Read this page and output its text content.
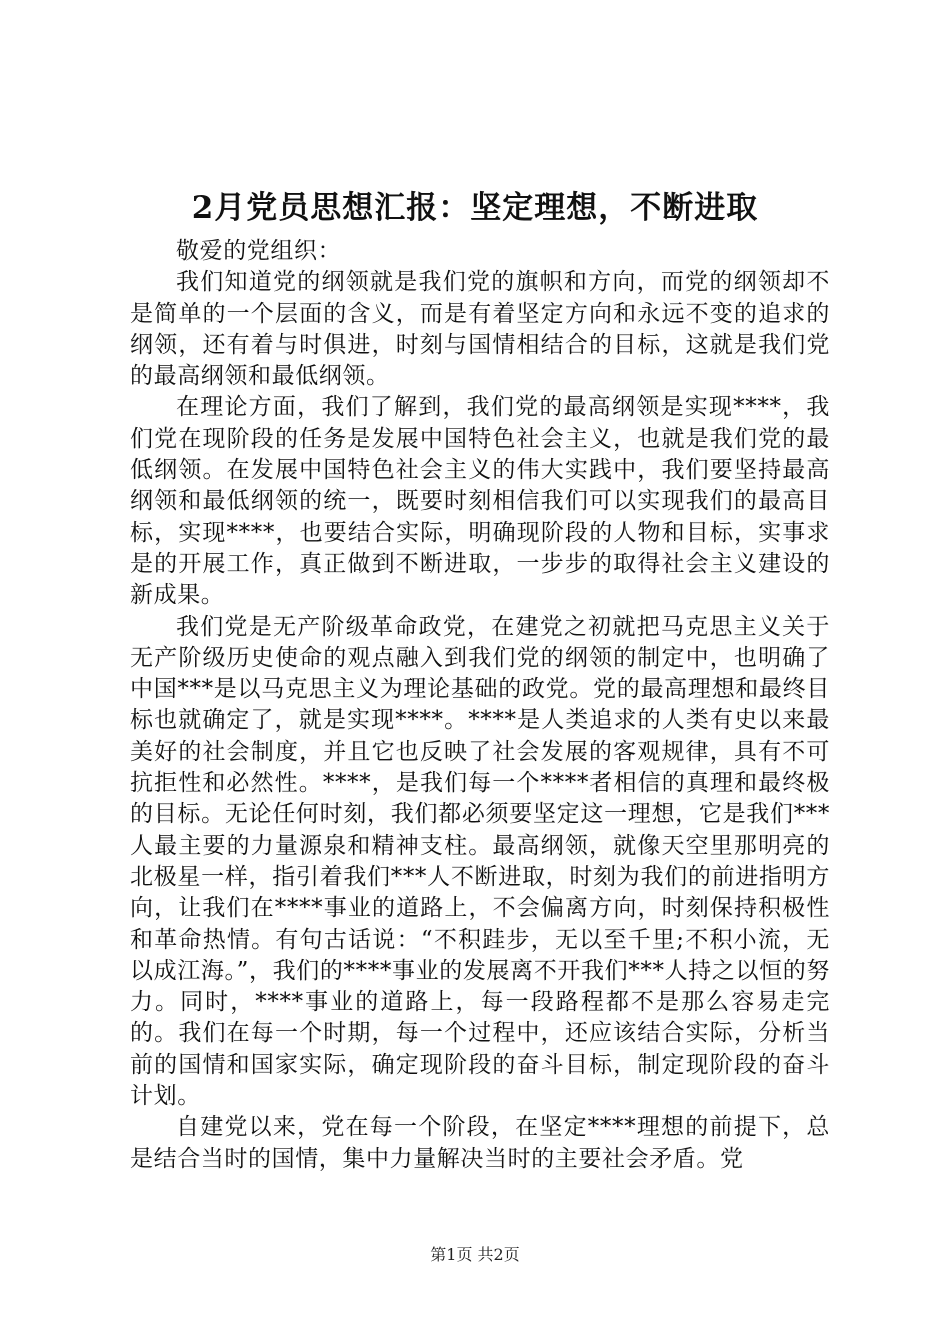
2月党员思想汇报：坚定理想，不断进取

敬爱的党组织：

我们知道党的纲领就是我们党的旗帜和方向，而党的纲领却不是简单的一个层面的含义，而是有着坚定方向和永远不变的追求的纲领，还有着与时俱进，时刻与国情相结合的目标，这就是我们党的最高纲领和最低纲领。

在理论方面，我们了解到，我们党的最高纲领是实现****，我们党在现阶段的任务是发展中国特色社会主义，也就是我们党的最低纲领。在发展中国特色社会主义的伟大实践中，我们要坚持最高纲领和最低纲领的统一，既要时刻相信我们可以实现我们的最高目标，实现****，也要结合实际，明确现阶段的人物和目标，实事求是的开展工作，真正做到不断进取，一步步的取得社会主义建设的新成果。

我们党是无产阶级革命政党，在建党之初就把马克思主义关于无产阶级历史使命的观点融入到我们党的纲领的制定中，也明确了中国***是以马克思主义为理论基础的政党。党的最高理想和最终目标也就确定了，就是实现****。****是人类追求的人类有史以来最美好的社会制度，并且它也反映了社会发展的客观规律，具有不可抗拒性和必然性。****，是我们每一个****者相信的真理和最终极的目标。无论任何时刻，我们都必须要坚定这一理想，它是我们***人最主要的力量源泉和精神支柱。最高纲领，就像天空里那明亮的北极星一样，指引着我们***人不断进取，时刻为我们的前进指明方向，让我们在****事业的道路上，不会偏离方向，时刻保持积极性和革命热情。有句古话说：“不积跬步，无以至千里;不积小流，无以成江海。”，我们的****事业的发展离不开我们***人持之以恒的努力。同时，****事业的道路上，每一段路程都不是那么容易走完的。我们在每一个时期，每一个过程中，还应该结合实际，分析当前的国情和国家实际，确定现阶段的奋斗目标，制定现阶段的奋斗计划。

自建党以来，党在每一个阶段，在坚定****理想的前提下，总是结合当时的国情，集中力量解决当时的主要社会矛盾。党

第1页 共2页
